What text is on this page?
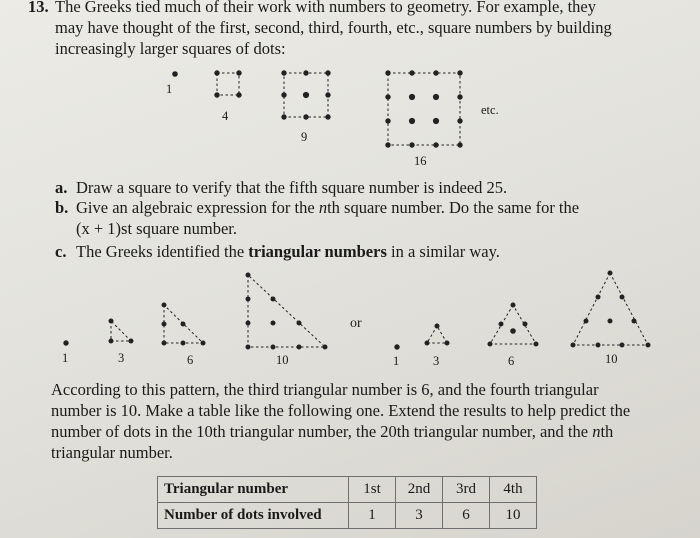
13. The Greeks tied much of their work with numbers to geometry. For example, they
may have thought of the first, second, third, fourth, etc., square numbers by building
increasingly larger squares of dots:
1
4
9
16
etc.
a. Draw a square to verify that the fifth square number is indeed 25.
b. Give an algebraic expression for the nth square number. Do the same for the
(x + 1)st square number.
c. The Greeks identified the triangular numbers in a similar way.
1	3	6	10
or
1	3	6	10
According to this pattern, the third triangular number is 6, and the fourth triangular
number is 10. Make a table like the following one. Extend the results to help predict the
number of dots in the 10th triangular number, the 20th triangular number, and the nth
triangular number.
Triangular number	1st	2nd	3rd	4th
Number of dots involved	1	3	6	10
